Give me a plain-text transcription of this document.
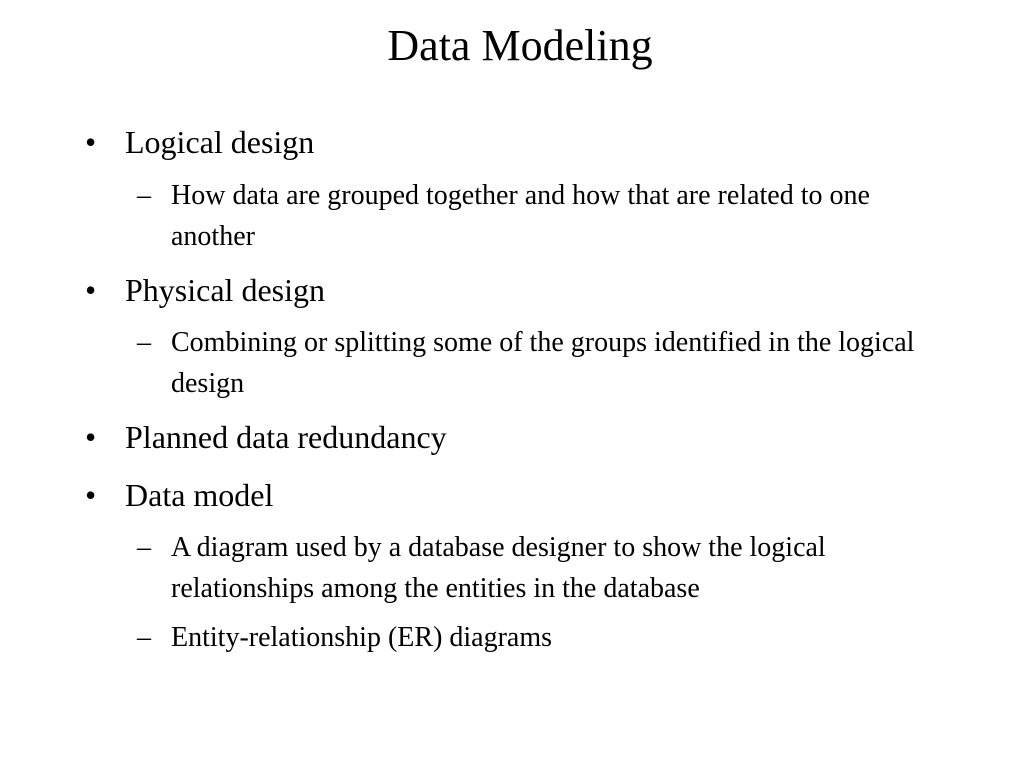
Data Modeling
• Logical design
– How data are grouped together and how that are related to one another
• Physical design
– Combining or splitting some of the groups identified in the logical design
• Planned data redundancy
• Data model
– A diagram used by a database designer to show the logical relationships among the entities in the database
– Entity-relationship (ER) diagrams
